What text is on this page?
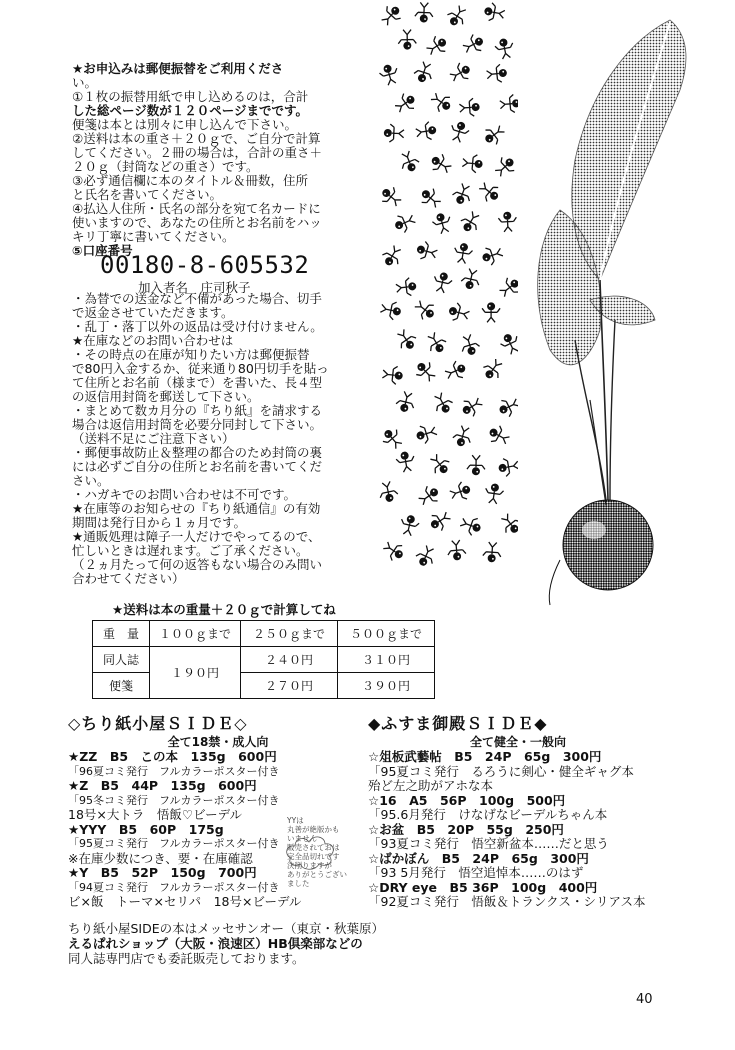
★お申込みは郵便振替をご利用くださ
い。
①１枚の振替用紙で申し込めるのは，合計
した総ページ数が１２０ページまでです。
便箋は本とは別々に申し込んで下さい。
②送料は本の重さ＋２０ｇで、ご自分で計算
してください。２冊の場合は，合計の重さ＋
２０ｇ（封筒などの重さ）です。
③必ず通信欄に本のタイトル＆冊数，住所
と氏名を書いてください。
④払込人住所・氏名の部分を宛て名カードに
使いますので、あなたの住所とお名前をハッ
キリ丁寧に書いてください。
⑤口座番号
00180-8-605532
加入者名　庄司秋子
・為替での送金など不備があった場合、切手
で返金させていただきます。
・乱丁・落丁以外の返品は受け付けません。
★在庫などのお問い合わせは
・その時点の在庫が知りたい方は郵便振替
で80円入金するか、従来通り80円切手を貼っ
て住所とお名前（様まで）を書いた、長４型
の返信用封筒を郵送して下さい。
・まとめて数カ月分の『ちり紙』を請求する
場合は返信用封筒を必要分同封して下さい。
（送料不足にご注意下さい）
・郵便事故防止＆整理の都合のため封筒の裏
には必ずご自分の住所とお名前を書いてくだ
さい。
・ハガキでのお問い合わせは不可です。
★在庫等のお知らせの『ちり紙通信』の有効
期間は発行日から１ヵ月です。
★通販処理は障子一人だけでやってるので、
忙しいときは遅れます。ご了承ください。
（２ヵ月たって何の返答もない場合のみ問い
合わせてください）
★送料は本の重量＋２０ｇで計算してね
重　量	１００ｇまで	２５０ｇまで	５００ｇまで
同人誌	１９０円	２４０円	３１０円
便箋		２７０円	３９０円
◇ちり紙小屋ＳＩＤＥ◇
全て18禁・成人向
★ZZ　B5　この本　135g　600円
「96夏コミ発行　フルカラーポスター付き
★Z　B5　44P　135g　600円
「95冬コミ発行　フルカラーポスター付き
18号×大トラ　悟飯♡ビーデル
★YYY　B5　60P　175g
「95夏コミ発行　フルカラーポスター付き
※在庫少数につき、要・在庫確認
★Y　B5　52P　150g　700円
「94夏コミ発行　フルカラーポスター付き
ビ×飯　トーマ×セリパ　18号×ビーデル
YYは
丸善が絶版かも
いません
販売されておは
完全品切れです
決削りますが
ありがとうござい
ました
◆ふすま御殿ＳＩＤＥ◆
全て健全・一般向
☆俎板武藝帖　B5　24P　65g　300円
「95夏コミ発行　るろうに剣心・健全ギャグ本
殆ど左之助がアホな本
☆16　A5　56P　100g　500円
「95.6月発行　けなげなビーデルちゃん本
☆お盆　B5　20P　55g　250円
「93夏コミ発行　悟空新盆本……だと思う
☆ばかぼん　B5　24P　65g　300円
「93 5月発行　悟空追悼本……のはず
☆DRY eye　B5 36P　100g　400円
「92夏コミ発行　悟飯＆トランクス・シリアス本
ちり紙小屋SIDEの本はメッセサンオー（東京・秋葉原）
えるぱれショップ（大阪・浪速区）HB倶楽部などの
同人誌専門店でも委託販売しております。
40
